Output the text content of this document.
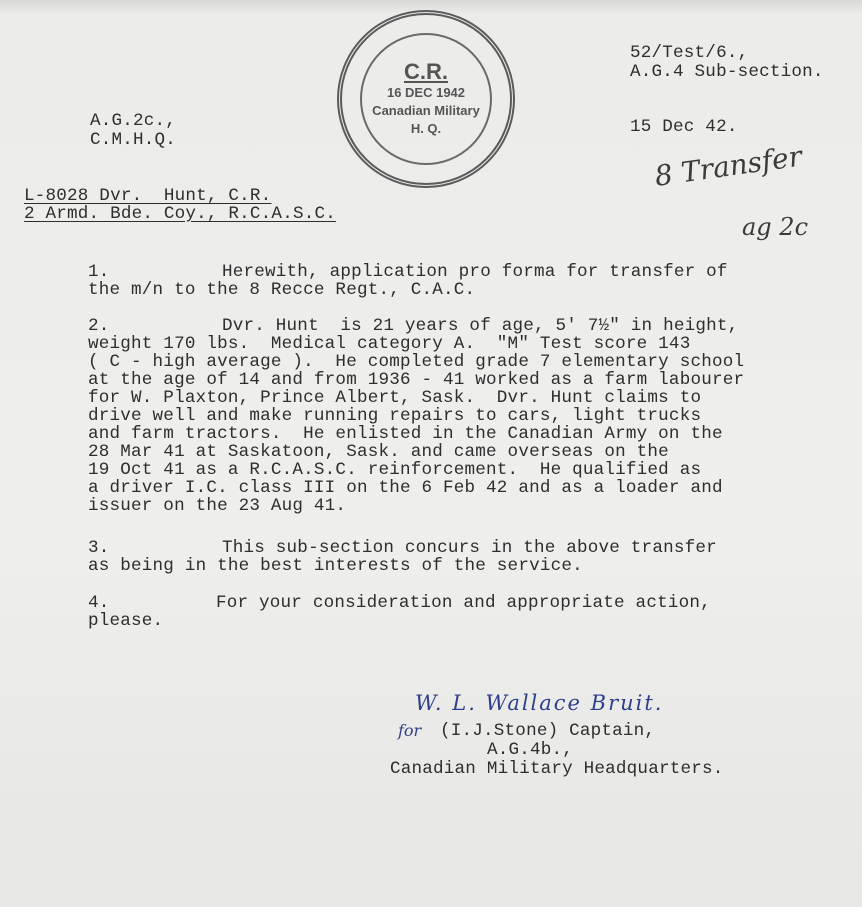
C.R.
16 DEC 1942
Canadian Military
H. Q.
52/Test/6.,
A.G.4 Sub-section.
15 Dec 42.
A.G.2c.,
C.M.H.Q.	8 Transfer
ag 2c
L-8028 Dvr.  Hunt, C.R.
2 Armd. Bde. Coy., R.C.A.S.C.
1.	Herewith, application pro forma for transfer of
the m/n to the 8 Recce Regt., C.A.C.
2.	Dvr. Hunt  is 21 years of age, 5' 7½" in height,
weight 170 lbs.  Medical category A.  "M" Test score 143
( C - high average ).  He completed grade 7 elementary school
at the age of 14 and from 1936 - 41 worked as a farm labourer
for W. Plaxton, Prince Albert, Sask.  Dvr. Hunt claims to
drive well and make running repairs to cars, light trucks
and farm tractors.  He enlisted in the Canadian Army on the
28 Mar 41 at Saskatoon, Sask. and came overseas on the
19 Oct 41 as a R.C.A.S.C. reinforcement.  He qualified as
a driver I.C. class III on the 6 Feb 42 and as a loader and
issuer on the 23 Aug 41.
3.	This sub-section concurs in the above transfer
as being in the best interests of the service.
4.	For your consideration and appropriate action,
please.
W. L. Wallace Bruit.
for (I.J.Stone) Captain,
A.G.4b.,
Canadian Military Headquarters.
